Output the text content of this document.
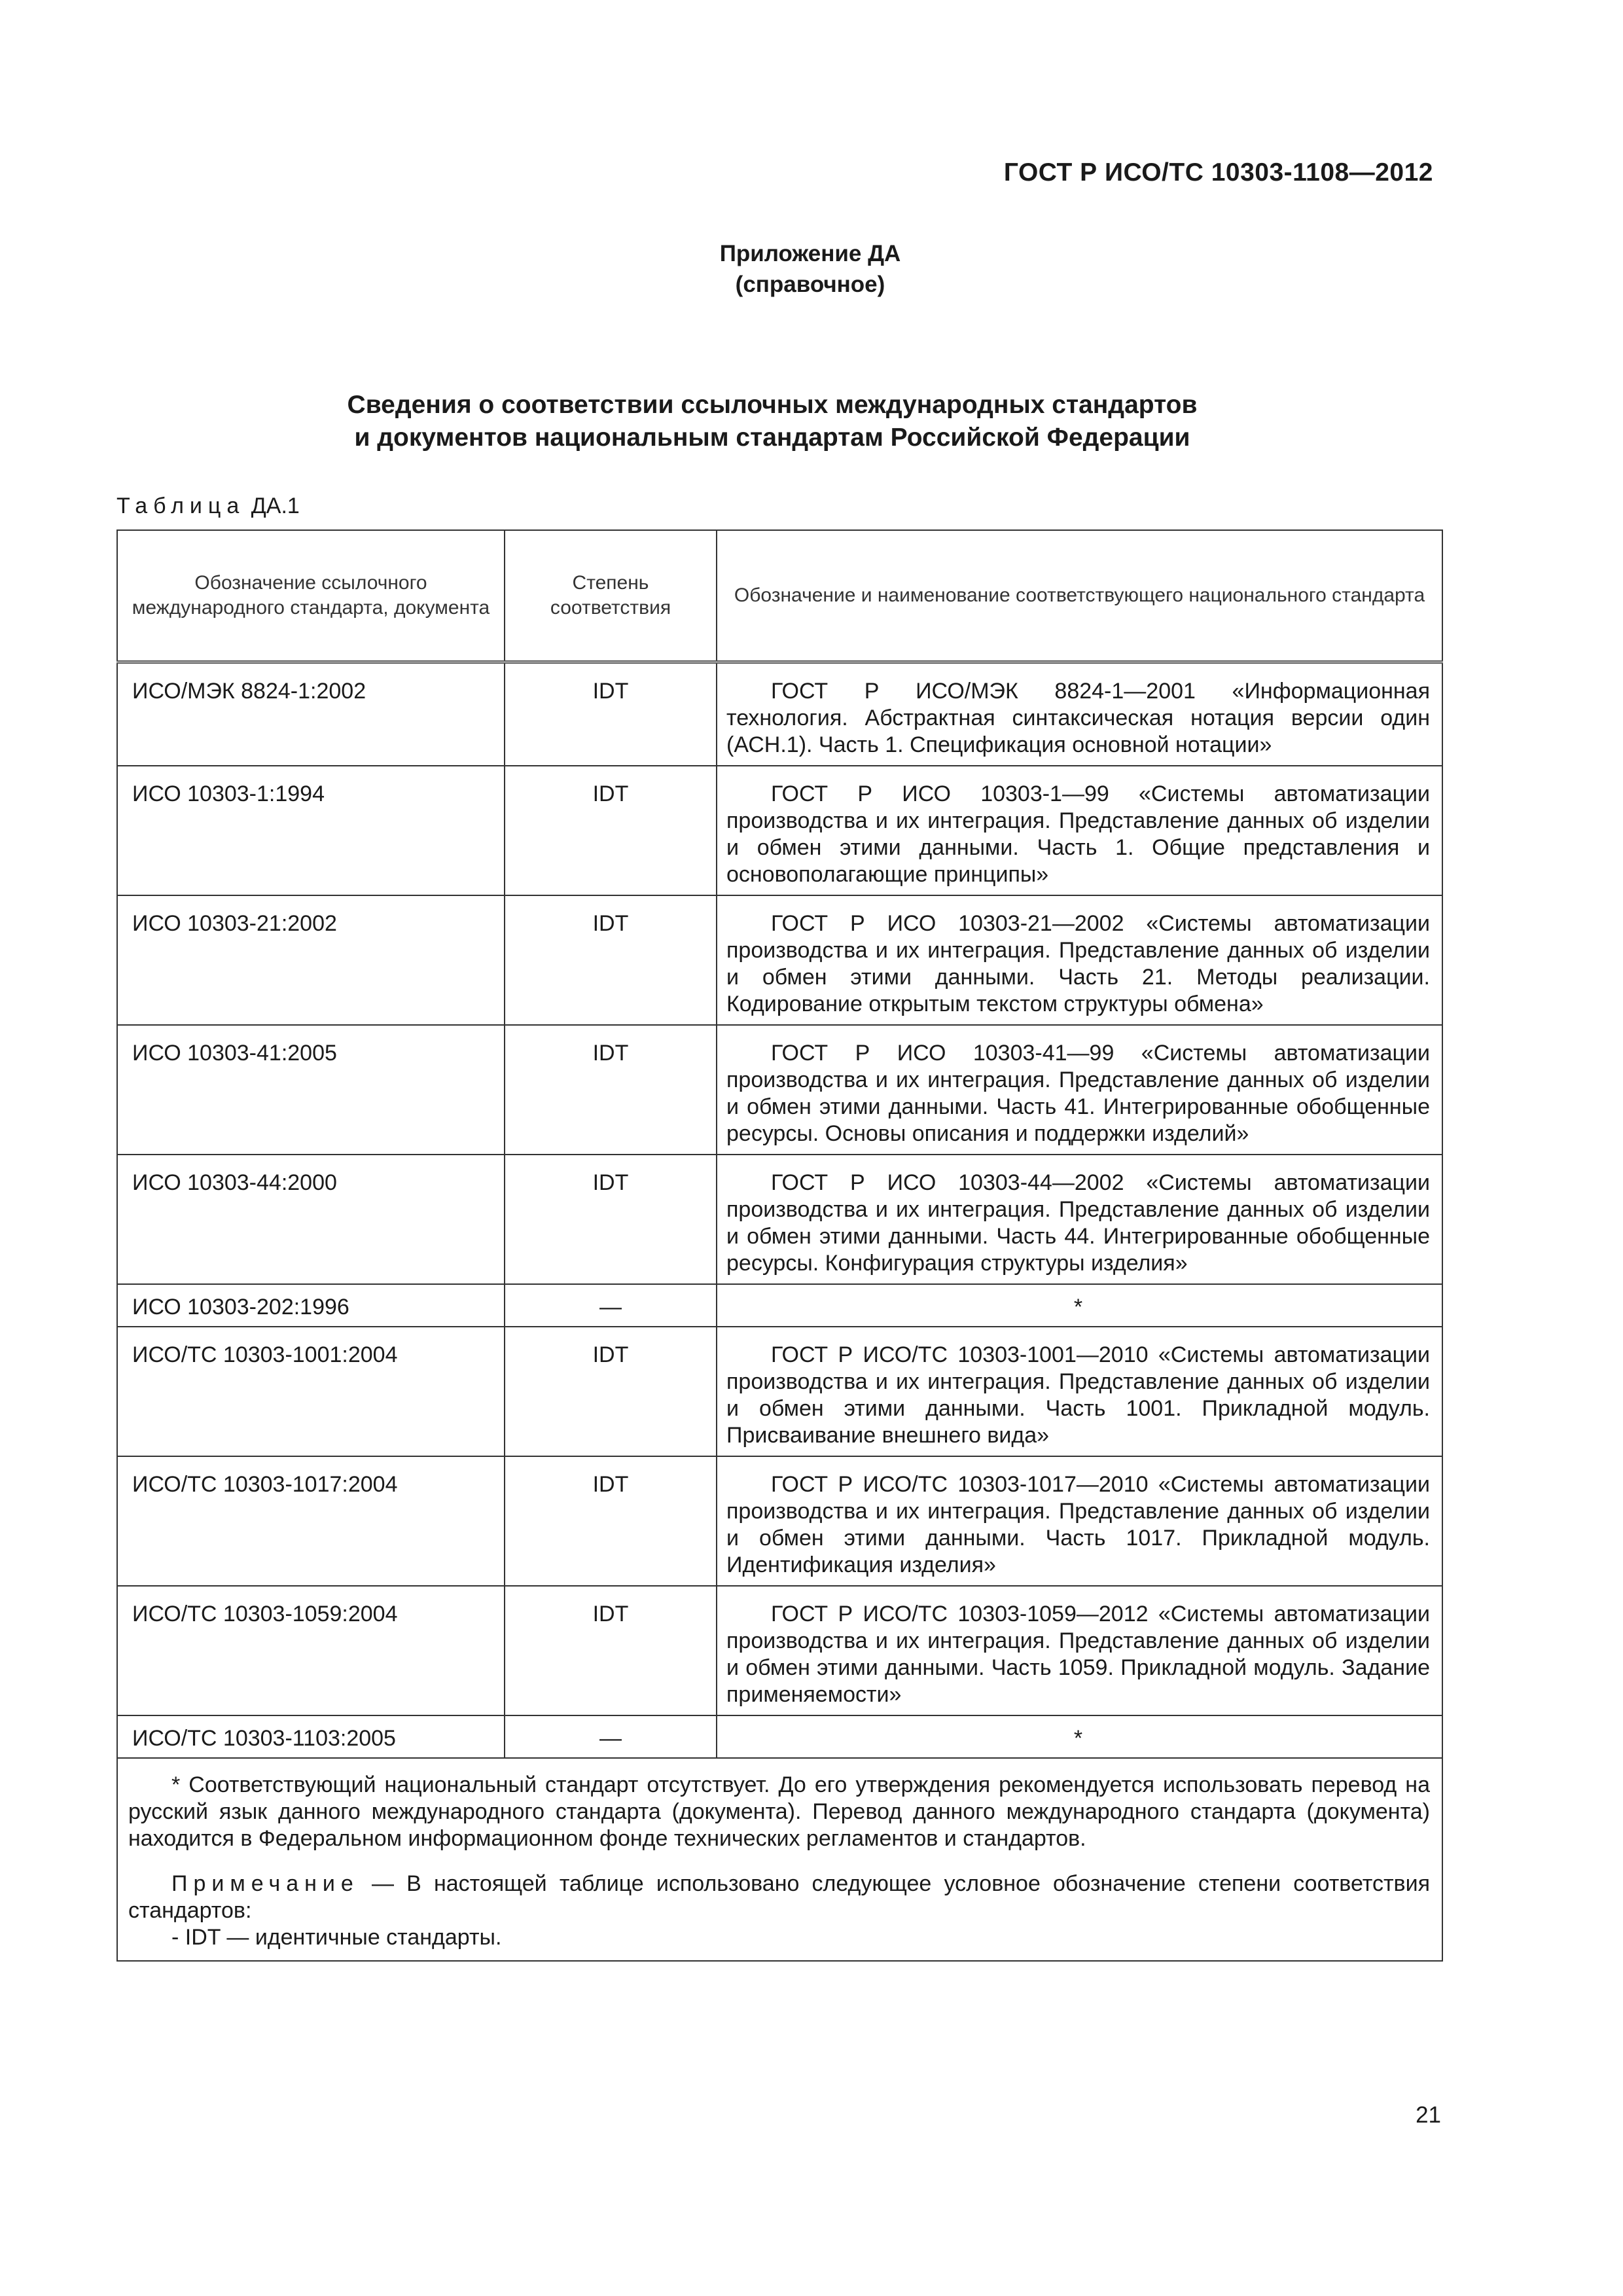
ГОСТ Р ИСО/ТС 10303-1108—2012
Приложение ДА
(справочное)
Сведения о соответствии ссылочных международных стандартов
и документов национальным стандартам Российской Федерации
Таблица ДА.1
Обозначение ссылочного международного стандарта, документа	Степень соответствия	Обозначение и наименование соответствующего национального стандарта
ИСО/МЭК 8824-1:2002	IDT	ГОСТ Р ИСО/МЭК 8824-1—2001 «Информационная технология. Абстрактная синтаксическая нотация версии один (АСН.1). Часть 1. Спецификация основной нотации»
ИСО 10303-1:1994	IDT	ГОСТ Р ИСО 10303-1—99 «Системы автоматизации производства и их интеграция. Представление данных об изделии и обмен этими данными. Часть 1. Общие представления и основополагающие принципы»
ИСО 10303-21:2002	IDT	ГОСТ Р ИСО 10303-21—2002 «Системы автоматизации производства и их интеграция. Представление данных об изделии и обмен этими данными. Часть 21. Методы реализации. Кодирование открытым текстом структуры обмена»
ИСО 10303-41:2005	IDT	ГОСТ Р ИСО 10303-41—99 «Системы автоматизации производства и их интеграция. Представление данных об изделии и обмен этими данными. Часть 41. Интегрированные обобщенные ресурсы. Основы описания и поддержки изделий»
ИСО 10303-44:2000	IDT	ГОСТ Р ИСО 10303-44—2002 «Системы автоматизации производства и их интеграция. Представление данных об изделии и обмен этими данными. Часть 44. Интегрированные обобщенные ресурсы. Конфигурация структуры изделия»
ИСО 10303-202:1996	—	*
ИСО/ТС 10303-1001:2004	IDT	ГОСТ Р ИСО/ТС 10303-1001—2010 «Системы автоматизации производства и их интеграция. Представление данных об изделии и обмен этими данными. Часть 1001. Прикладной модуль. Присваивание внешнего вида»
ИСО/ТС 10303-1017:2004	IDT	ГОСТ Р ИСО/ТС 10303-1017—2010 «Системы автоматизации производства и их интеграция. Представление данных об изделии и обмен этими данными. Часть 1017. Прикладной модуль. Идентификация изделия»
ИСО/ТС 10303-1059:2004	IDT	ГОСТ Р ИСО/ТС 10303-1059—2012 «Системы автоматизации производства и их интеграция. Представление данных об изделии и обмен этими данными. Часть 1059. Прикладной модуль. Задание применяемости»
ИСО/ТС 10303-1103:2005	—	*

* Соответствующий национальный стандарт отсутствует. До его утверждения рекомендуется использовать перевод на русский язык данного международного стандарта (документа). Перевод данного международного стандарта (документа) находится в Федеральном информационном фонде технических регламентов и стандартов.

Примечание — В настоящей таблице использовано следующее условное обозначение степени соответствия стандартов:

- IDT — идентичные стандарты.		

21
